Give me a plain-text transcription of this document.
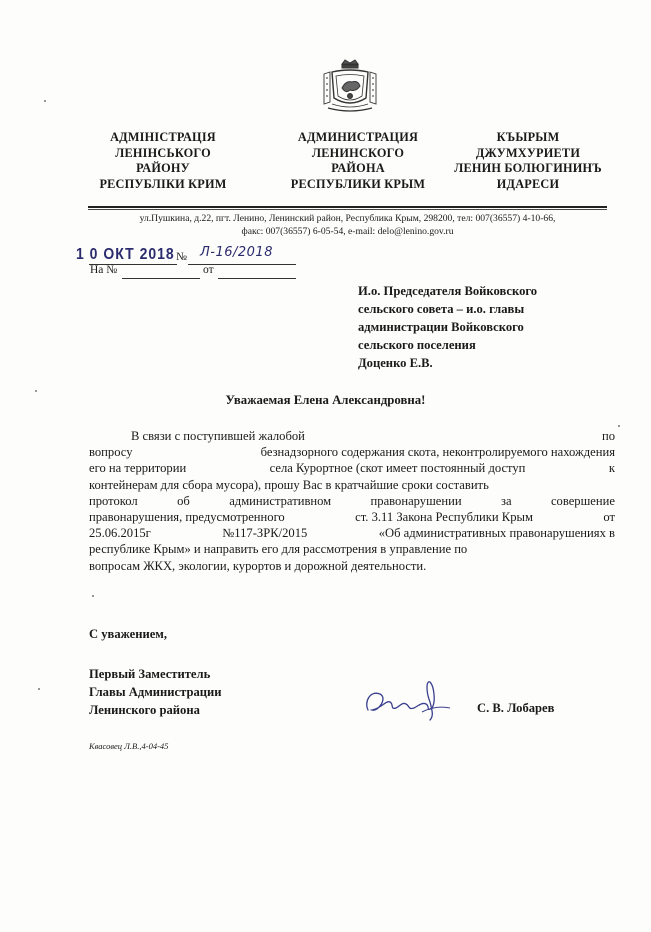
АДМІНІСТРАЦІЯ
ЛЕНІНСЬКОГО
РАЙОНУ
РЕСПУБЛІКИ КРИМ
АДМИНИСТРАЦИЯ
ЛЕНИНСКОГО
РАЙОНА
РЕСПУБЛИКИ КРЫМ
КЪЫРЫМ
ДЖУМХУРИЕТИ
ЛЕНИН БОЛЮГИНИНЪ
ИДАРЕСИ
ул.Пушкина, д.22, пгт. Ленино, Ленинский район, Республика Крым, 298200, тел: 007(36557) 4-10-66,
факс: 007(36557) 6-05-54, e-mail: delo@lenino.gov.ru
1 0 ОКТ 2018 № Л-16/2018
На №	от
И.о. Председателя Войковского
сельского совета – и.о. главы
администрации Войковского
сельского поселения
Доценко Е.В.
Уважаемая Елена Александровна!
В связи с поступившей жалобой	по
вопросу	безнадзорного содержания скота, неконтролируемого нахождения
его на территории	села Курортное (скот имеет постоянный доступ	к
контейнерам для сбора мусора), прошу Вас в кратчайшие сроки составить
протокол	об	административном	правонарушении	за	совершение
правонарушения, предусмотренного	ст. 3.11 Закона Республики Крым	от
25.06.2015г	№117-ЗРК/2015	«Об административных правонарушениях в
республике Крым» и направить его для рассмотрения в управление по
вопросам ЖКХ, экологии, курортов и дорожной деятельности.
С уважением,
Первый Заместитель
Главы Администрации
Ленинского района	С. В. Лобарев
Квасовец Л.В.,4-04-45
